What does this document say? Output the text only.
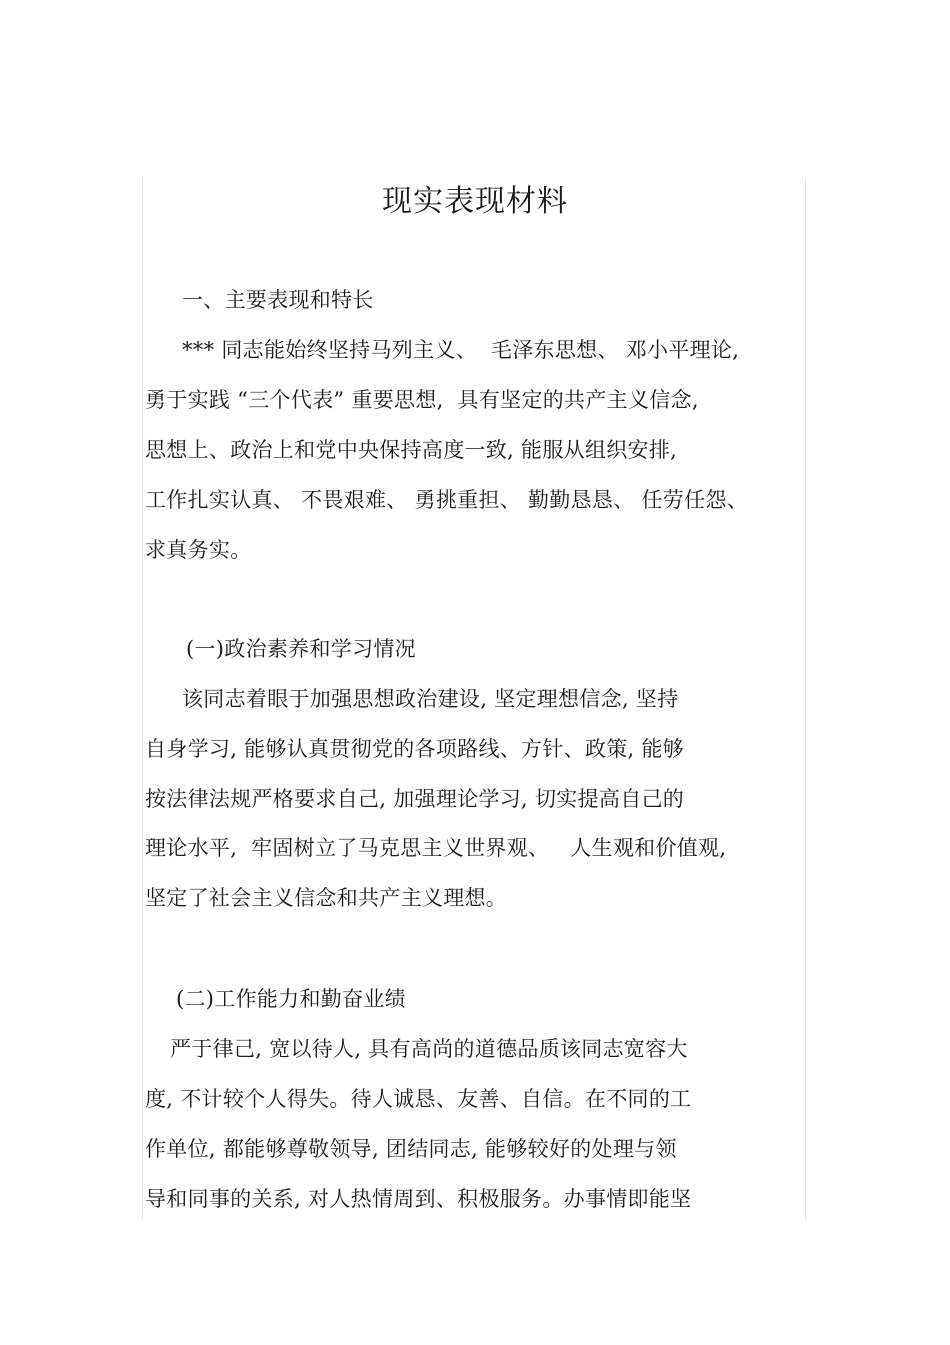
现实表现材料
一、主要表现和特长
*** 同志能始终坚持马列主义、  毛泽东思想、 邓小平理论,
勇于实践 “三个代表” 重要思想,  具有坚定的共产主义信念,
思想上、政治上和党中央保持高度一致, 能服从组织安排,
工作扎实认真、 不畏艰难、 勇挑重担、 勤勤恳恳、 任劳任怨、
求真务实。
(一)政治素养和学习情况
该同志着眼于加强思想政治建设, 坚定理想信念, 坚持
自身学习, 能够认真贯彻党的各项路线、方针、政策, 能够
按法律法规严格要求自己, 加强理论学习, 切实提高自己的
理论水平,  牢固树立了马克思主义世界观、   人生观和价值观,
坚定了社会主义信念和共产主义理想。
(二)工作能力和勤奋业绩
严于律己, 宽以待人, 具有高尚的道德品质该同志宽容大
度, 不计较个人得失。待人诚恳、友善、自信。在不同的工
作单位, 都能够尊敬领导, 团结同志, 能够较好的处理与领
导和同事的关系, 对人热情周到、积极服务。办事情即能坚
